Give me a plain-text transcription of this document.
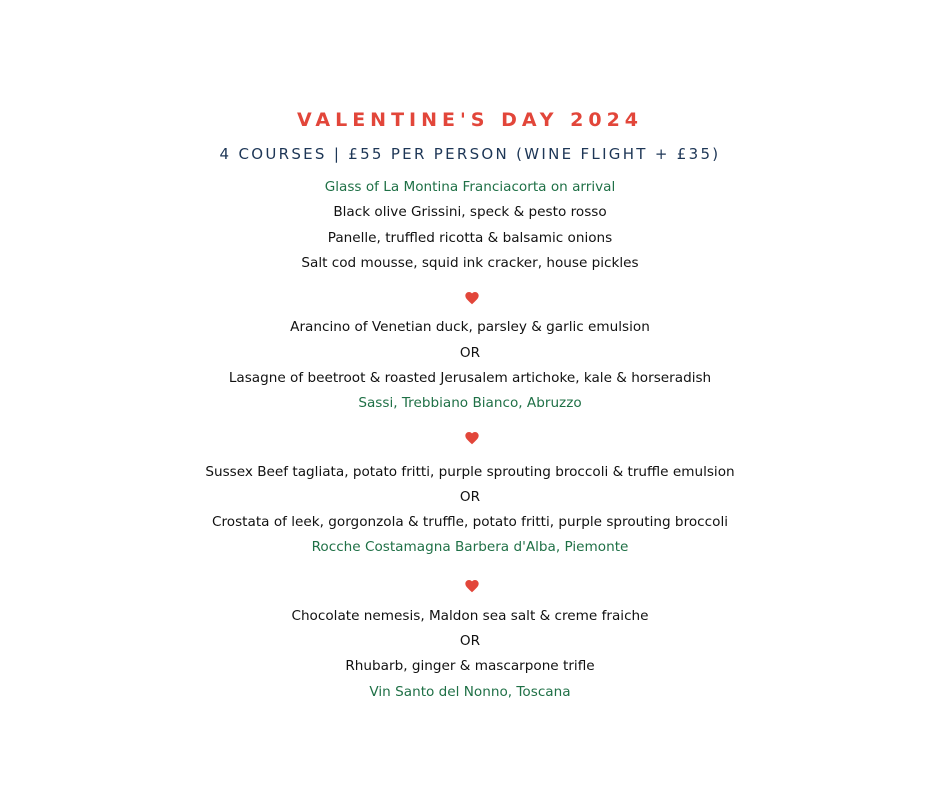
VALENTINE'S DAY 2024
4 COURSES | £55 PER PERSON (WINE FLIGHT + £35)
Glass of La Montina Franciacorta on arrival
Black olive Grissini, speck & pesto rosso
Panelle, truffled ricotta & balsamic onions
Salt cod mousse, squid ink cracker, house pickles
Arancino of Venetian duck, parsley & garlic emulsion
OR
Lasagne of beetroot & roasted Jerusalem artichoke, kale & horseradish
Sassi, Trebbiano Bianco, Abruzzo
Sussex Beef tagliata, potato fritti, purple sprouting broccoli & truffle emulsion
OR
Crostata of leek, gorgonzola & truffle, potato fritti, purple sprouting broccoli
Rocche Costamagna Barbera d'Alba, Piemonte
Chocolate nemesis, Maldon sea salt & creme fraiche
OR
Rhubarb, ginger & mascarpone trifle
Vin Santo del Nonno, Toscana
